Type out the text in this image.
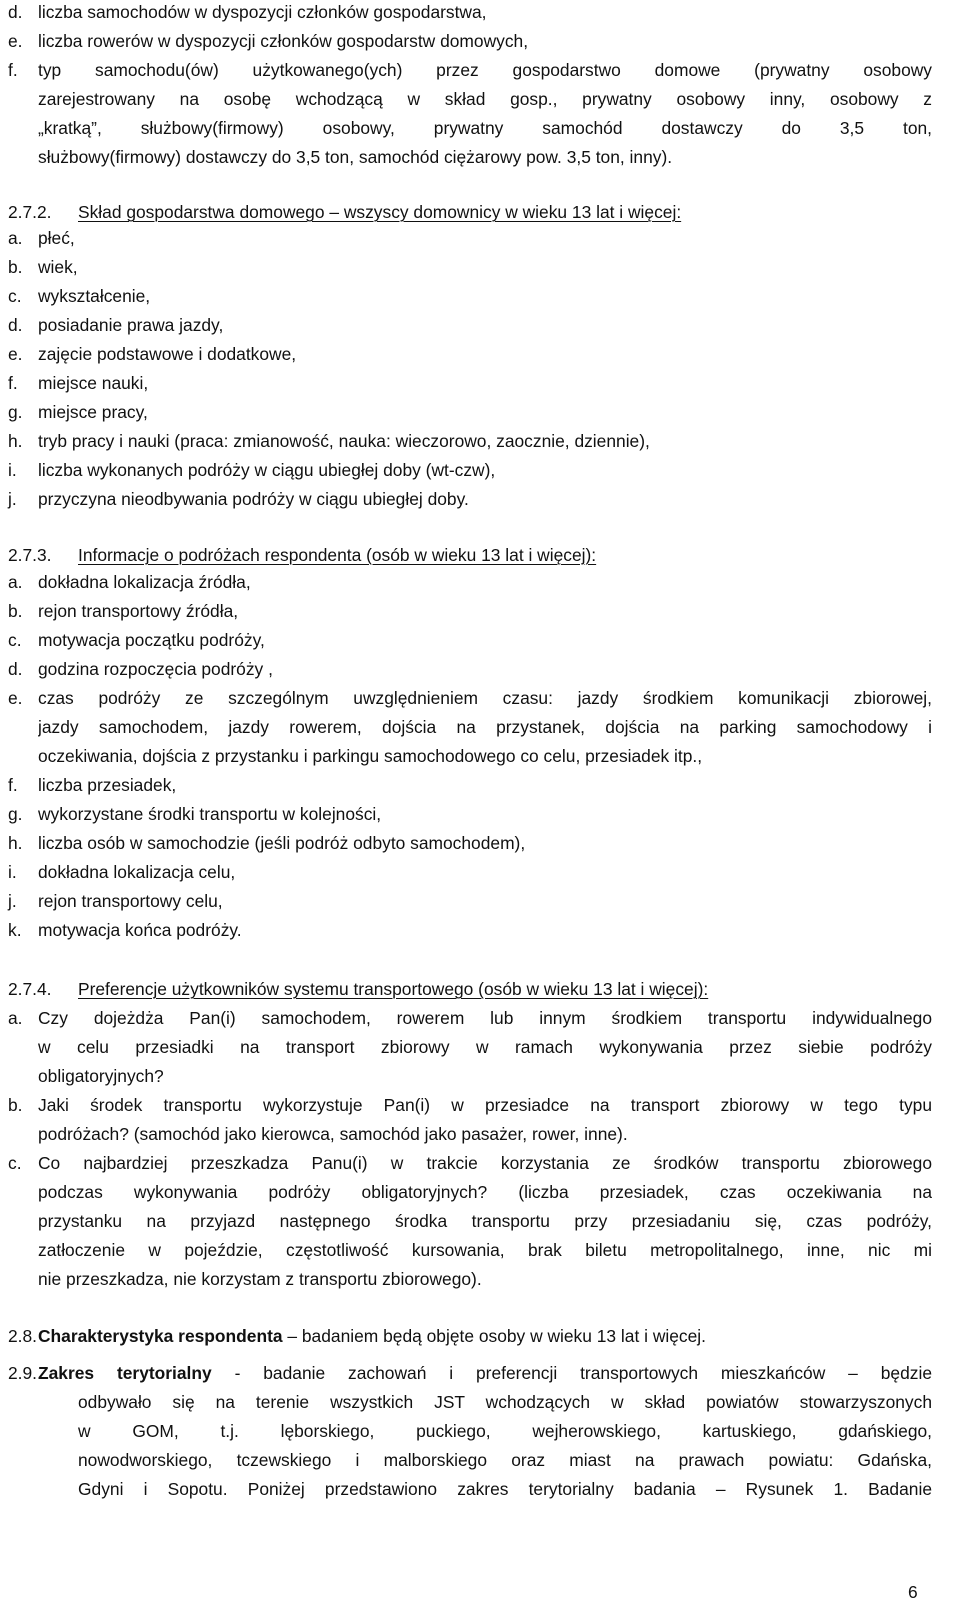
d. liczba samochodów w dyspozycji członków gospodarstwa,
e. liczba rowerów w dyspozycji członków gospodarstw domowych,
f. typ samochodu(ów) użytkowanego(ych) przez gospodarstwo domowe (prywatny osobowy
zarejestrowany na osobę wchodzącą w skład gosp., prywatny osobowy inny, osobowy z
„kratką”, służbowy(firmowy) osobowy, prywatny samochód dostawczy do 3,5 ton,
służbowy(firmowy) dostawczy do 3,5 ton, samochód ciężarowy pow. 3,5 ton, inny).
2.7.2. Skład gospodarstwa domowego – wszyscy domownicy w wieku 13 lat i więcej:
a. płeć,
b. wiek,
c. wykształcenie,
d. posiadanie prawa jazdy,
e. zajęcie podstawowe i dodatkowe,
f. miejsce nauki,
g. miejsce pracy,
h. tryb pracy i nauki (praca: zmianowość, nauka: wieczorowo, zaocznie, dziennie),
i. liczba wykonanych podróży w ciągu ubiegłej doby (wt-czw),
j. przyczyna nieodbywania podróży w ciągu ubiegłej doby.
2.7.3. Informacje o podróżach respondenta (osób w wieku 13 lat i więcej):
a. dokładna lokalizacja źródła,
b. rejon transportowy źródła,
c. motywacja początku podróży,
d. godzina rozpoczęcia podróży ,
e. czas podróży ze szczególnym uwzględnieniem czasu: jazdy środkiem komunikacji zbiorowej,
jazdy samochodem, jazdy rowerem, dojścia na przystanek, dojścia na parking samochodowy i
oczekiwania, dojścia z przystanku i parkingu samochodowego co celu, przesiadek itp.,
f. liczba przesiadek,
g. wykorzystane środki transportu w kolejności,
h. liczba osób w samochodzie (jeśli podróż odbyto samochodem),
i. dokładna lokalizacja celu,
j. rejon transportowy celu,
k. motywacja końca podróży.
2.7.4. Preferencje użytkowników systemu transportowego (osób w wieku 13 lat i więcej):
a. Czy dojeżdża Pan(i) samochodem, rowerem lub innym środkiem transportu indywidualnego
w celu przesiadki na transport zbiorowy w ramach wykonywania przez siebie podróży
obligatoryjnych?
b. Jaki środek transportu wykorzystuje Pan(i) w przesiadce na transport zbiorowy w tego typu
podróżach? (samochód jako kierowca, samochód jako pasażer, rower, inne).
c. Co najbardziej przeszkadza Panu(i) w trakcie korzystania ze środków transportu zbiorowego
podczas wykonywania podróży obligatoryjnych? (liczba przesiadek, czas oczekiwania na
przystanku na przyjazd następnego środka transportu przy przesiadaniu się, czas podróży,
zatłoczenie w pojeździe, częstotliwość kursowania, brak biletu metropolitalnego, inne, nic mi
nie przeszkadza, nie korzystam z transportu zbiorowego).
2.8. Charakterystyka respondenta – badaniem będą objęte osoby w wieku 13 lat i więcej.
2.9. Zakres terytorialny - badanie zachowań i preferencji transportowych mieszkańców – będzie
odbywało się na terenie wszystkich JST wchodzących w skład powiatów stowarzyszonych
w GOM, t.j. lęborskiego, puckiego, wejherowskiego, kartuskiego, gdańskiego,
nowodworskiego, tczewskiego i malborskiego oraz miast na prawach powiatu: Gdańska,
Gdyni i Sopotu. Poniżej przedstawiono zakres terytorialny badania – Rysunek 1. Badanie
6
